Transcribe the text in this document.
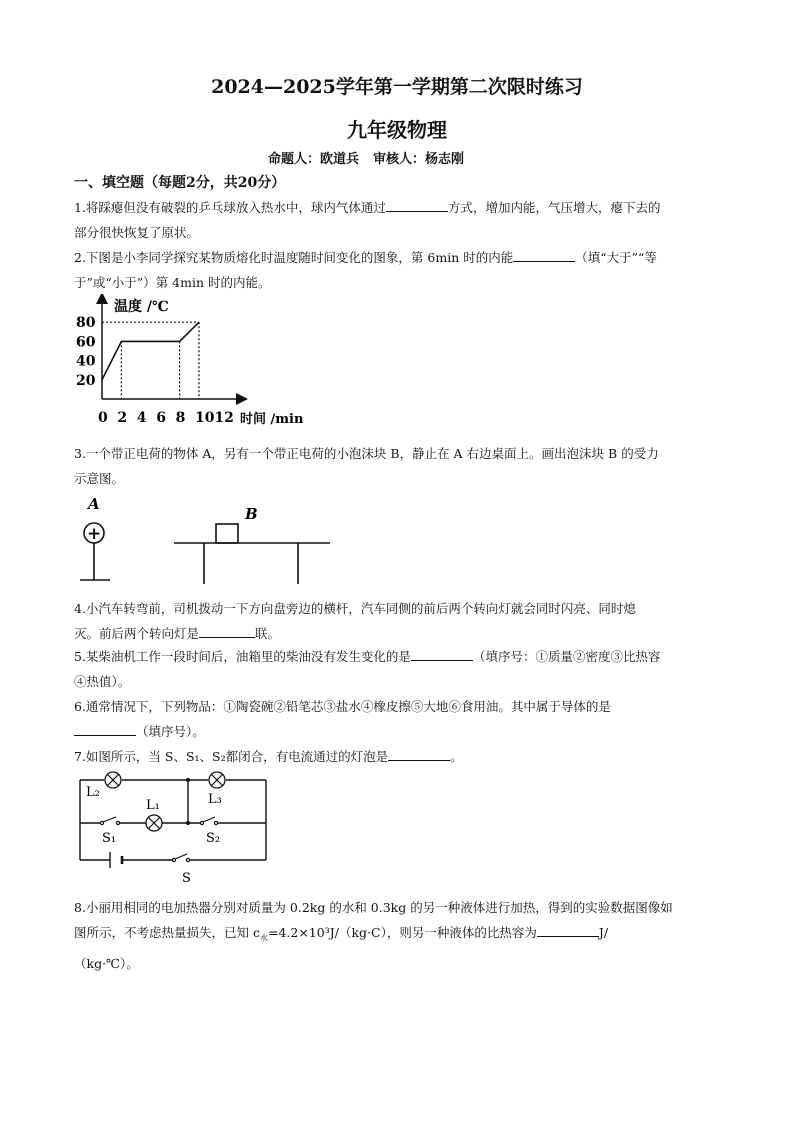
2024—2025学年第一学期第二次限时练习
九年级物理
命题人：欧道兵 审核人：杨志刚
一、填空题（每题2分，共20分）
1.将踩瘪但没有破裂的乒乓球放入热水中，球内气体通过	方式，增加内能，气压增大，瘪下去的
部分很快恢复了原状。
2.下图是小李同学探究某物质熔化时温度随时间变化的图象，第 6min 时的内能	（填“大于”“等
于”或“小于”）第 4min 时的内能。
温度 /℃
时间 /min
20
40
60
80
0 2 4 6 8 10 12
3.一个带正电荷的物体 A，另有一个带正电荷的小泡沫块 B，静止在 A 右边桌面上。画出泡沫块 B 的受力
示意图。
A
+
B
4.小汽车转弯前，司机拨动一下方向盘旁边的横杆，汽车同侧的前后两个转向灯就会同时闪亮、同时熄
灭。前后两个转向灯是	联。
5.某柴油机工作一段时间后，油箱里的柴油没有发生变化的是	（填序号：①质量②密度③比热容
④热值）。
6.通常情况下，下列物品：①陶瓷碗②铅笔芯③盐水④橡皮擦⑤大地⑥食用油。其中属于导体的是
（填序号）。
7.如图所示，当 S、S₁、S₂都闭合，有电流通过的灯泡是	。
L₂
L₁	L₃
S₁	S₂
S
8.小丽用相同的电加热器分别对质量为 0.2kg 的水和 0.3kg 的另一种液体进行加热，得到的实验数据图像如
图所示，不考虑热量损失，已知 $c_水=4.2\times 10^3J/(kg\cdot C)$，则另一种液体的比热容为	J/
（kg·℃）。
